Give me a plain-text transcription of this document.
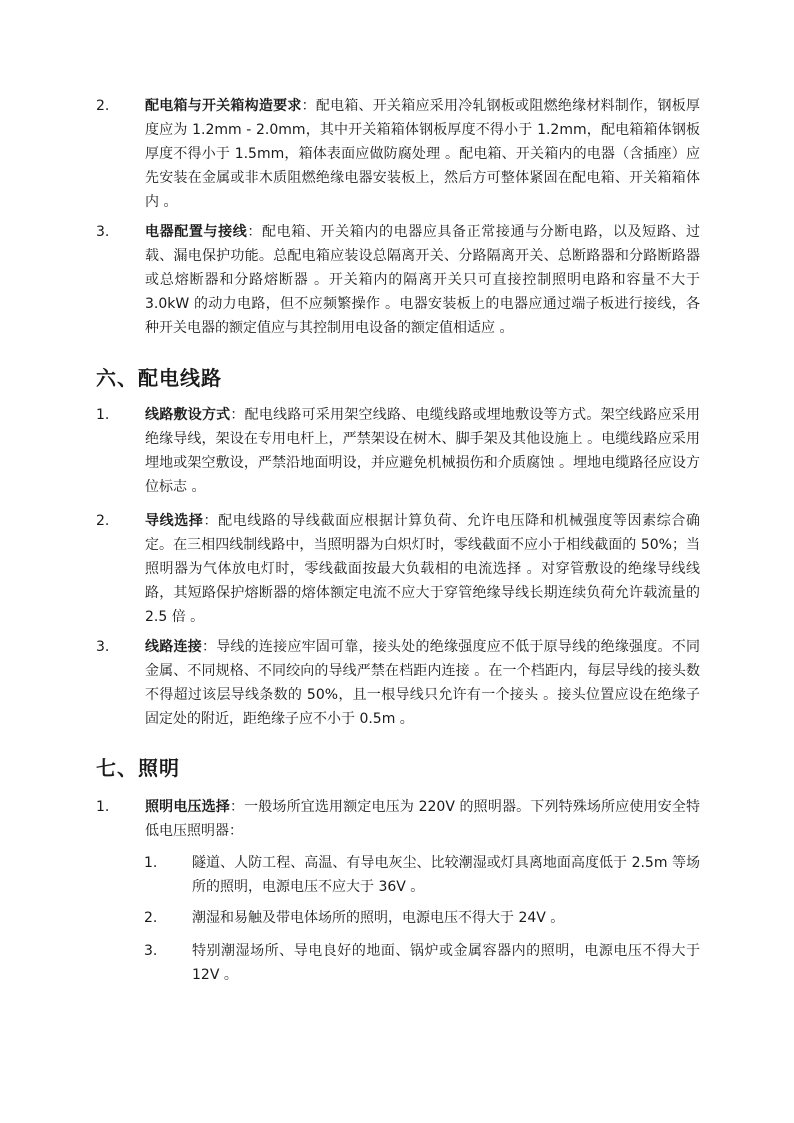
2.	配电箱与开关箱构造要求：配电箱、开关箱应采用冷轧钢板或阻燃绝缘材料制作，钢板厚度应为 1.2mm - 2.0mm，其中开关箱箱体钢板厚度不得小于 1.2mm，配电箱箱体钢板厚度不得小于 1.5mm，箱体表面应做防腐处理 。配电箱、开关箱内的电器（含插座）应先安装在金属或非木质阻燃绝缘电器安装板上，然后方可整体紧固在配电箱、开关箱箱体内 。
3.	电器配置与接线：配电箱、开关箱内的电器应具备正常接通与分断电路，以及短路、过载、漏电保护功能。总配电箱应装设总隔离开关、分路隔离开关、总断路器和分路断路器或总熔断器和分路熔断器 。开关箱内的隔离开关只可直接控制照明电路和容量不大于 3.0kW 的动力电路，但不应频繁操作 。电器安装板上的电器应通过端子板进行接线，各种开关电器的额定值应与其控制用电设备的额定值相适应 。
六、配电线路
1.	线路敷设方式：配电线路可采用架空线路、电缆线路或埋地敷设等方式。架空线路应采用绝缘导线，架设在专用电杆上，严禁架设在树木、脚手架及其他设施上 。电缆线路应采用埋地或架空敷设，严禁沿地面明设，并应避免机械损伤和介质腐蚀 。埋地电缆路径应设方位标志 。
2.	导线选择：配电线路的导线截面应根据计算负荷、允许电压降和机械强度等因素综合确定。在三相四线制线路中，当照明器为白炽灯时，零线截面不应小于相线截面的 50%；当照明器为气体放电灯时，零线截面按最大负载相的电流选择 。对穿管敷设的绝缘导线线路，其短路保护熔断器的熔体额定电流不应大于穿管绝缘导线长期连续负荷允许载流量的 2.5 倍 。
3.	线路连接：导线的连接应牢固可靠，接头处的绝缘强度应不低于原导线的绝缘强度。不同金属、不同规格、不同绞向的导线严禁在档距内连接 。在一个档距内，每层导线的接头数不得超过该层导线条数的 50%，且一根导线只允许有一个接头 。接头位置应设在绝缘子固定处的附近，距绝缘子应不小于 0.5m 。
七、照明
1.	照明电压选择：一般场所宜选用额定电压为 220V 的照明器。下列特殊场所应使用安全特低电压照明器：
1.	隧道、人防工程、高温、有导电灰尘、比较潮湿或灯具离地面高度低于 2.5m 等场所的照明，电源电压不应大于 36V 。
2.	潮湿和易触及带电体场所的照明，电源电压不得大于 24V 。
3.	特别潮湿场所、导电良好的地面、锅炉或金属容器内的照明，电源电压不得大于 12V 。
